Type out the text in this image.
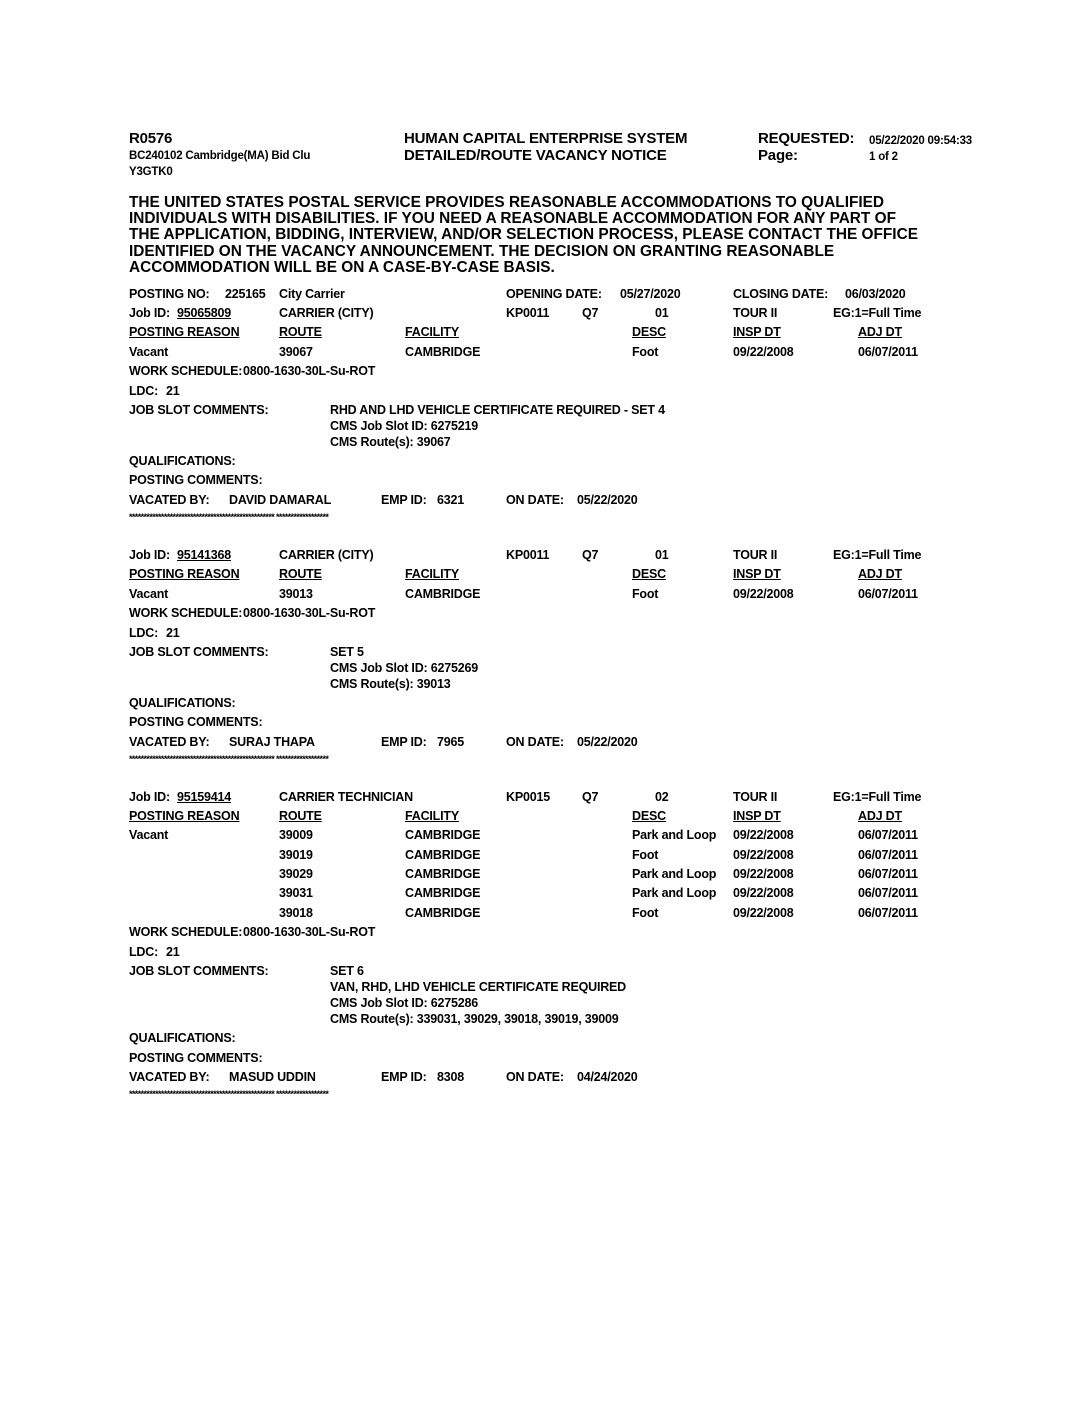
R0576
BC240102 Cambridge(MA) Bid Clu
Y3GTK0
HUMAN CAPITAL ENTERPRISE SYSTEM
DETAILED/ROUTE VACANCY NOTICE
REQUESTED: 05/22/2020 09:54:33
Page:	1 of 2
THE UNITED STATES POSTAL SERVICE PROVIDES REASONABLE ACCOMMODATIONS TO QUALIFIED
INDIVIDUALS WITH DISABILITIES. IF YOU NEED A REASONABLE ACCOMMODATION FOR ANY PART OF
THE APPLICATION, BIDDING, INTERVIEW, AND/OR SELECTION PROCESS, PLEASE CONTACT THE OFFICE
IDENTIFIED ON THE VACANCY ANNOUNCEMENT. THE DECISION ON GRANTING REASONABLE
ACCOMMODATION WILL BE ON A CASE-BY-CASE BASIS.
POSTING NO: 225165 City Carrier	OPENING DATE: 05/27/2020	CLOSING DATE: 06/03/2020
Job ID: 95065809	CARRIER (CITY)	KP0011	Q7	01	TOUR II	EG:1=Full Time
POSTING REASON	ROUTE	FACILITY	DESC	INSP DT	ADJ DT
Vacant	39067	CAMBRIDGE	Foot	09/22/2008	06/07/2011
WORK SCHEDULE: 0800-1630-30L-Su-ROT
LDC: 21
JOB SLOT COMMENTS:	RHD AND LHD VEHICLE CERTIFICATE REQUIRED - SET 4
CMS Job Slot ID: 6275219
CMS Route(s): 39067
QUALIFICATIONS:
POSTING COMMENTS:
VACATED BY: DAVID DAMARAL	EMP ID: 6321	ON DATE: 05/22/2020
************************************************** ******************
Job ID: 95141368	CARRIER (CITY)	KP0011	Q7	01	TOUR II	EG:1=Full Time
POSTING REASON	ROUTE	FACILITY	DESC	INSP DT	ADJ DT
Vacant	39013	CAMBRIDGE	Foot	09/22/2008	06/07/2011
WORK SCHEDULE: 0800-1630-30L-Su-ROT
LDC: 21
JOB SLOT COMMENTS:	SET 5
CMS Job Slot ID: 6275269
CMS Route(s): 39013
QUALIFICATIONS:
POSTING COMMENTS:
VACATED BY: SURAJ THAPA	EMP ID: 7965	ON DATE: 05/22/2020
************************************************** ******************
Job ID: 95159414	CARRIER TECHNICIAN	KP0015	Q7	02	TOUR II	EG:1=Full Time
POSTING REASON	ROUTE	FACILITY	DESC	INSP DT	ADJ DT
Vacant	39009	CAMBRIDGE	Park and Loop 09/22/2008	06/07/2011
39019	CAMBRIDGE	Foot	09/22/2008	06/07/2011
39029	CAMBRIDGE	Park and Loop 09/22/2008	06/07/2011
39031	CAMBRIDGE	Park and Loop 09/22/2008	06/07/2011
39018	CAMBRIDGE	Foot	09/22/2008	06/07/2011
WORK SCHEDULE: 0800-1630-30L-Su-ROT
LDC: 21
JOB SLOT COMMENTS:	SET 6
VAN, RHD, LHD VEHICLE CERTIFICATE REQUIRED
CMS Job Slot ID: 6275286
CMS Route(s): 339031, 39029, 39018, 39019, 39009
QUALIFICATIONS:
POSTING COMMENTS:
VACATED BY: MASUD UDDIN	EMP ID: 8308	ON DATE: 04/24/2020
************************************************** ******************
